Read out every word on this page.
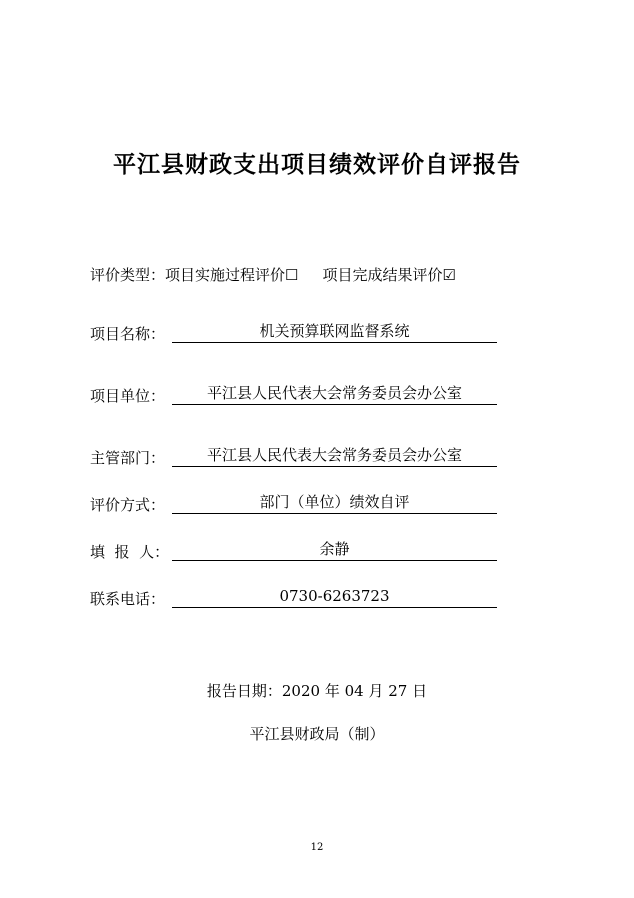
平江县财政支出项目绩效评价自评报告
评价类型：项目实施过程评价☐ 项目完成结果评价☑
项目名称：	机关预算联网监督系统
项目单位：	平江县人民代表大会常务委员会办公室
主管部门：	平江县人民代表大会常务委员会办公室
评价方式：	部门（单位）绩效自评
填  报  人：	余静
联系电话：	0730-6263723
报告日期：2020 年 04 月 27 日
平江县财政局（制）
12
